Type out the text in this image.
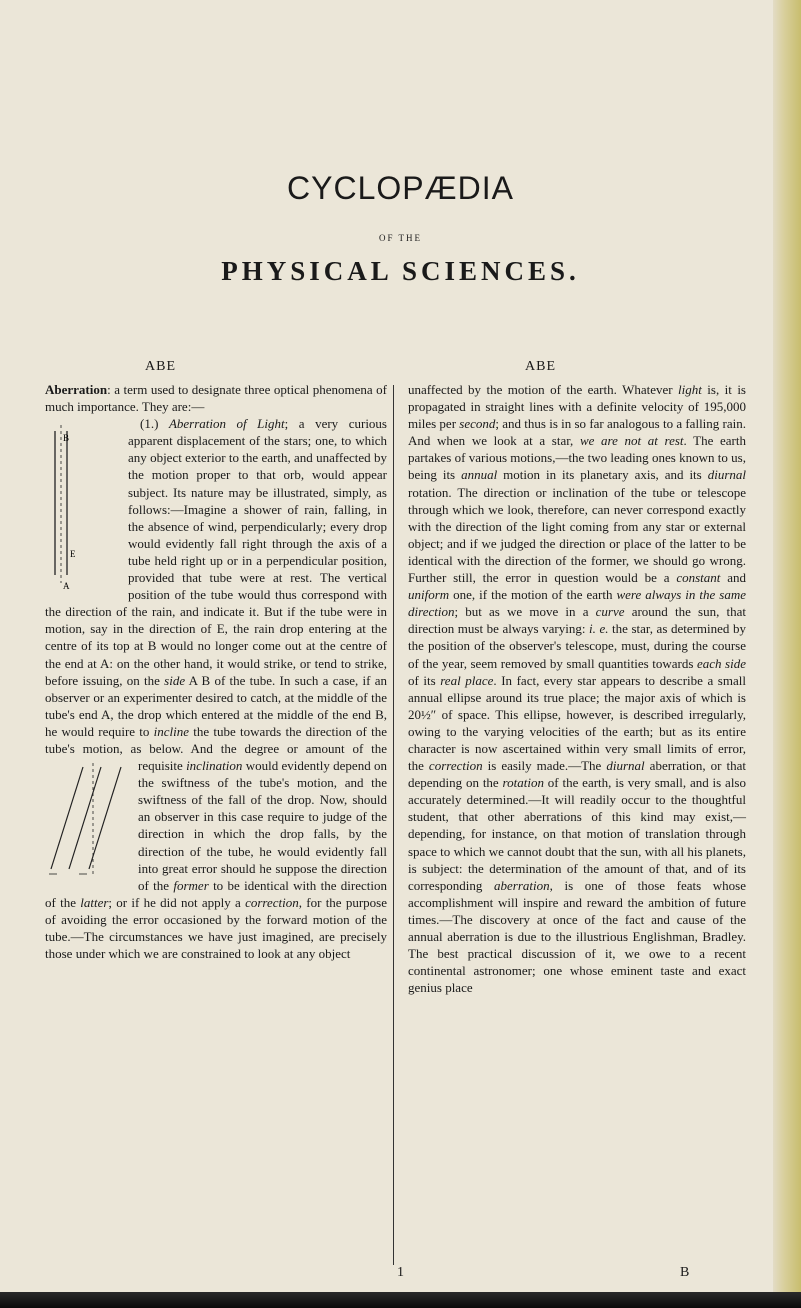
CYCLOPÆDIA
OF THE
PHYSICAL SCIENCES.
ABE	ABE

Aberration: a term used to designate three optical phenomena of much importance. They are:—

B
E
A
(1.) Aberration of Light; a very curious apparent displacement of the stars; one, to which any object exterior to the earth, and unaffected by the motion proper to that orb, would appear subject. Its nature may be illustrated, simply, as follows:—Imagine a shower of rain, falling, in the absence of wind, perpendicularly; every drop would evidently fall right through the axis of a tube held right up or in a perpendicular position, provided that tube were at rest. The vertical position of the tube would thus correspond with the direction of the rain, and indicate it. But if the tube were in motion, say in the direction of E, the rain drop entering at the centre of its top at B would no longer come out at the centre of the end at A: on the other hand, it would strike, or tend to strike, before issuing, on the side A B of the tube. In such a case, if an observer or an experimenter desired to catch, at the middle of the tube's end A, the drop which entered at the middle of the end B, he would require to incline the tube towards the direction of the tube's motion, as below. And the degree or amount of the requisite
inclination would evidently depend on the swiftness of the tube's motion, and the swiftness of the fall of the drop. Now, should an observer in this case require to judge of the direction in which the drop falls, by the direction of the tube, he would evidently fall into great error should he suppose the direction of the former to be identical with the direction of the latter; or if he did not apply a correction, for the purpose of avoiding the error occasioned by the forward motion of the tube.—The circumstances we have just imagined, are precisely those under which we are constrained to look at any object

unaffected by the motion of the earth. Whatever light is, it is propagated in straight lines with a definite velocity of 195,000 miles per second; and thus is in so far analogous to a falling rain. And when we look at a star, we are not at rest. The earth partakes of various motions,—the two leading ones known to us, being its annual motion in its planetary axis, and its diurnal rotation. The direction or inclination of the tube or telescope through which we look, therefore, can never correspond exactly with the direction of the light coming from any star or external object; and if we judged the direction or place of the latter to be identical with the direction of the former, we should go wrong. Further still, the error in question would be a constant and uniform one, if the motion of the earth were always in the same direction; but as we move in a curve around the sun, that direction must be always varying: i. e. the star, as determined by the position of the observer's telescope, must, during the course of the year, seem removed by small quantities towards each side of its real place. In fact, every star appears to describe a small annual ellipse around its true place; the major axis of which is 20½″ of space. This ellipse, however, is described irregularly, owing to the varying velocities of the earth; but as its entire character is now ascertained within very small limits of error, the correction is easily made.—The diurnal aberration, or that depending on the rotation of the earth, is very small, and is also accurately determined.—It will readily occur to the thoughtful student, that other aberrations of this kind may exist,—depending, for instance, on that motion of translation through space to which we cannot doubt that the sun, with all his planets, is subject: the determination of the amount of that, and of its corresponding aberration, is one of those feats whose accomplishment will inspire and reward the ambition of future times.—The discovery at once of the fact and cause of the annual aberration is due to the illustrious Englishman, Bradley. The best practical discussion of it, we owe to a recent continental astronomer; one whose eminent taste and exact genius place

1	B
